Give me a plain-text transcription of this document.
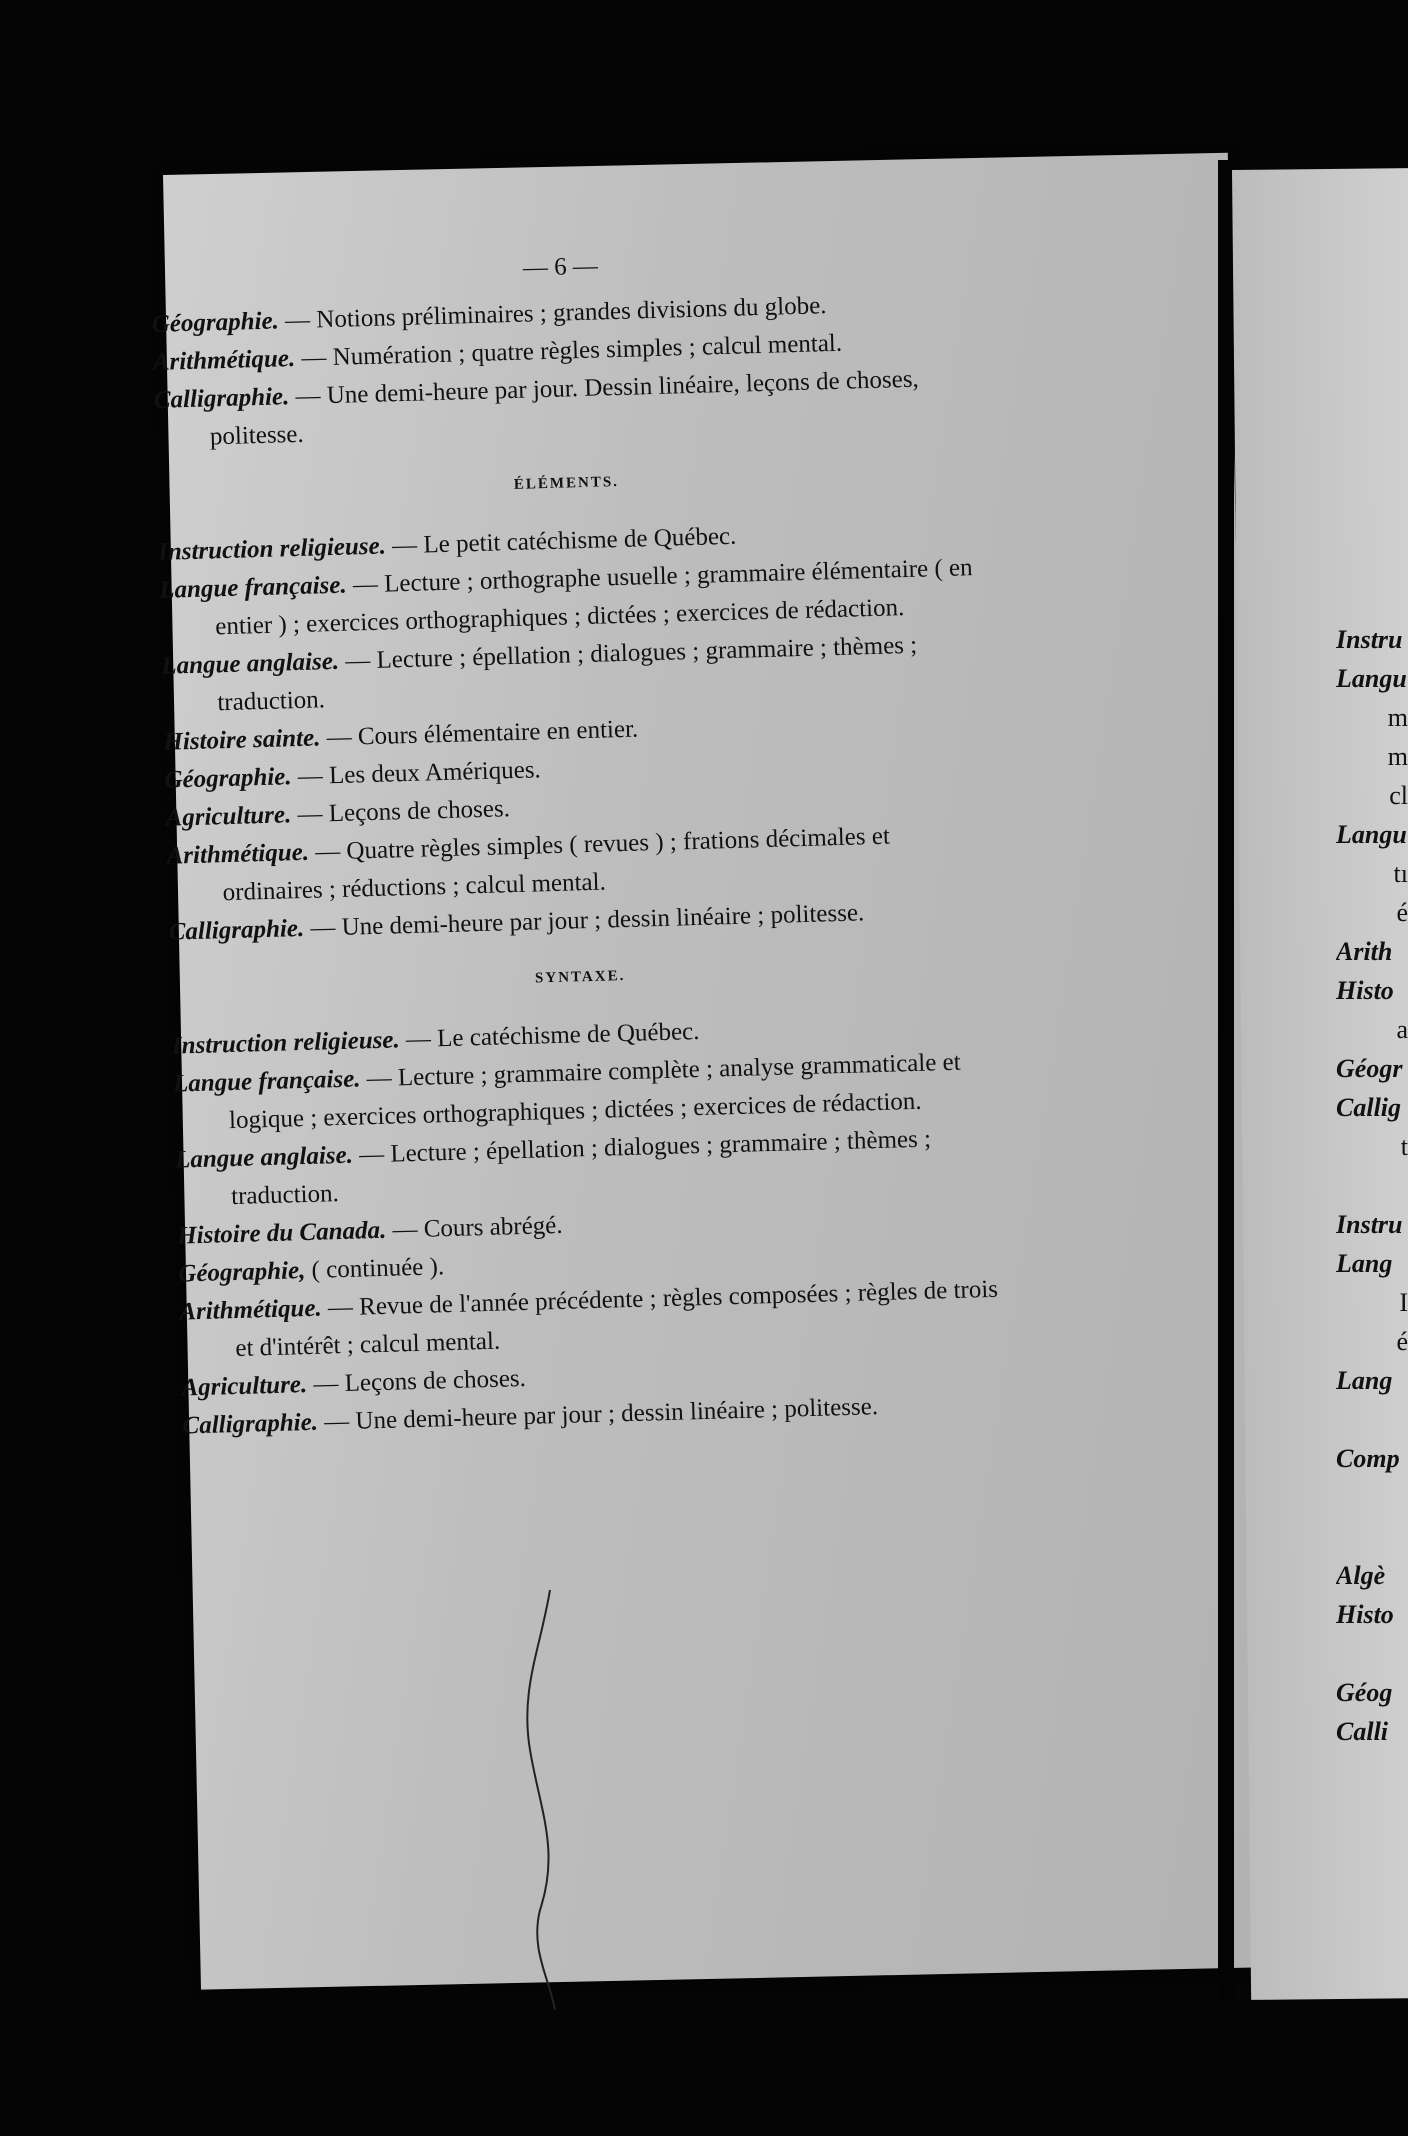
— 6 —
Géographie. — Notions préliminaires ; grandes divisions du globe.
Arithmétique. — Numération ; quatre règles simples ; calcul mental.
Calligraphie. — Une demi-heure par jour. Dessin linéaire, leçons de choses, politesse.
ÉLÉMENTS.
Instruction religieuse. — Le petit catéchisme de Québec.
Langue française. — Lecture ; orthographe usuelle ; grammaire élémentaire ( en entier ) ; exercices orthographiques ; dictées ; exercices de rédaction.
Langue anglaise. — Lecture ; épellation ; dialogues ; grammaire ; thèmes ; traduction.
Histoire sainte. — Cours élémentaire en entier.
Géographie. — Les deux Amériques.
Agriculture. — Leçons de choses.
Arithmétique. — Quatre règles simples ( revues ) ; frations décimales et ordinaires ; réductions ; calcul mental.
Calligraphie. — Une demi-heure par jour ; dessin linéaire ; politesse.
SYNTAXE.
Instruction religieuse. — Le catéchisme de Québec.
Langue française. — Lecture ; grammaire complète ; analyse grammaticale et logique ; exercices orthographiques ; dictées ; exercices de rédaction.
Langue anglaise. — Lecture ; épellation ; dialogues ; grammaire ; thèmes ; traduction.
Histoire du Canada. — Cours abrégé.
Géographie, ( continuée ).
Arithmétique. — Revue de l'année précédente ; règles composées ; règles de trois et d'intérêt ; calcul mental.
Agriculture. — Leçons de choses.
Calligraphie. — Une demi-heure par jour ; dessin linéaire ; politesse.
Instru
Langu
m
m
cl
Langu
tı
é
Arith
Histo
a
Géogr
Callig
t
Instru
Lang
I
é
Lang
Comp
Algè
Histo
Géog
Calli
